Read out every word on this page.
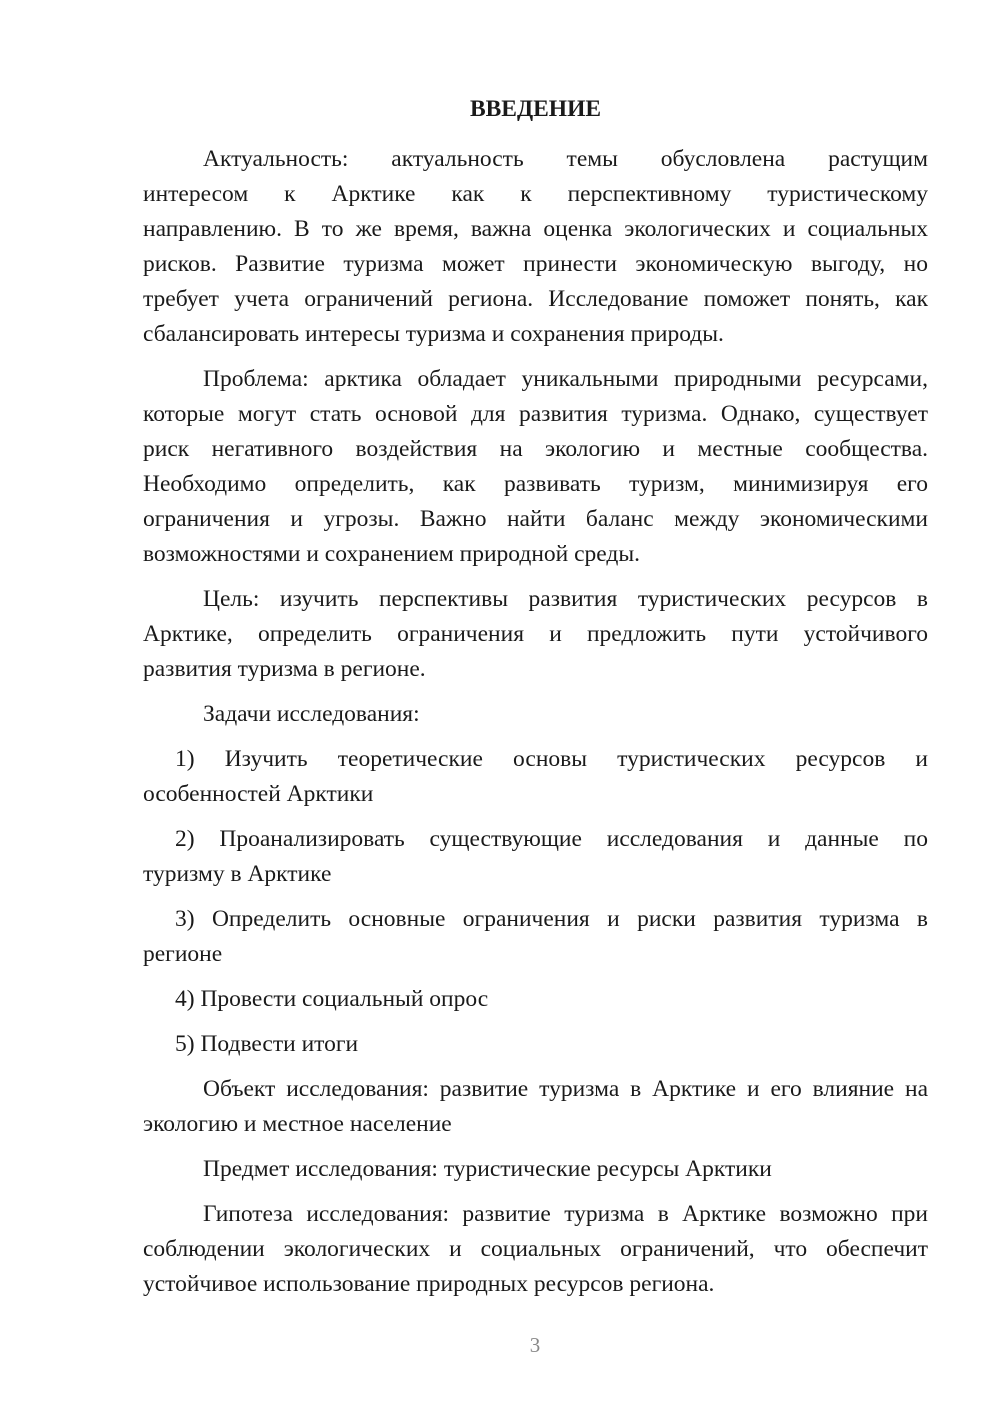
ВВЕДЕНИЕ
Актуальность: актуальность темы обусловлена растущим
интересом к Арктике как к перспективному туристическому
направлению. В то же время, важна оценка экологических и социальных
рисков. Развитие туризма может принести экономическую выгоду, но
требует учета ограничений региона. Исследование поможет понять, как
сбалансировать интересы туризма и сохранения природы.
Проблема: арктика обладает уникальными природными ресурсами,
которые могут стать основой для развития туризма. Однако, существует
риск негативного воздействия на экологию и местные сообщества.
Необходимо определить, как развивать туризм, минимизируя его
ограничения и угрозы. Важно найти баланс между экономическими
возможностями и сохранением природной среды.
Цель: изучить перспективы развития туристических ресурсов в
Арктике, определить ограничения и предложить пути устойчивого
развития туризма в регионе.
Задачи исследования:
1) Изучить теоретические основы туристических ресурсов и
особенностей Арктики
2) Проанализировать существующие исследования и данные по
туризму в Арктике
3) Определить основные ограничения и риски развития туризма в
регионе
4) Провести социальный опрос
5) Подвести итоги
Объект исследования: развитие туризма в Арктике и его влияние на
экологию и местное население
Предмет исследования: туристические ресурсы Арктики
Гипотеза исследования: развитие туризма в Арктике возможно при
соблюдении экологических и социальных ограничений, что обеспечит
устойчивое использование природных ресурсов региона.
3
